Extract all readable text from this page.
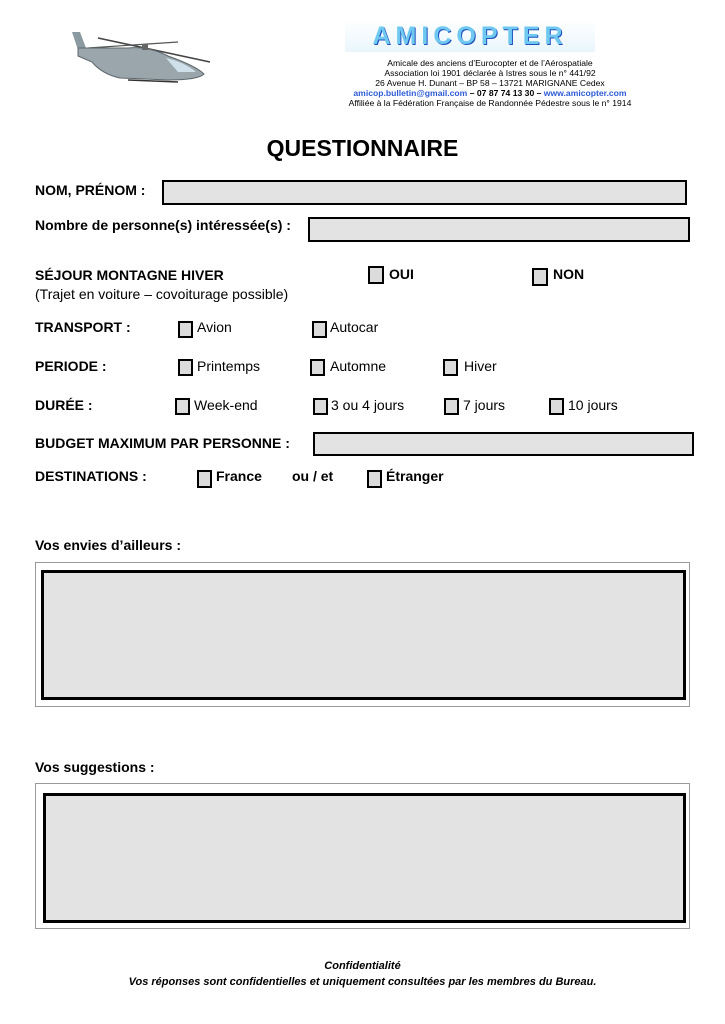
AMICOPTER
Amicale des anciens d’Eurocopter et de l’Aérospatiale
Association loi 1901 déclarée à Istres sous le n° 441/92
26 Avenue H. Dunant – BP 58 – 13721 MARIGNANE Cedex
amicop.bulletin@gmail.com – 07 87 74 13 30 – www.amicopter.com
Affiliée à la Fédération Française de Randonnée Pédestre sous le n° 1914
QUESTIONNAIRE
NOM, PRÉNOM :
Nombre de personne(s) intéressée(s) :
SÉJOUR MONTAGNE HIVER
(Trajet en voiture – covoiturage possible)
OUI	NON
TRANSPORT :	Avion	Autocar
PERIODE :	Printemps	Automne	Hiver
DURÉE :	Week-end	3 ou 4 jours	7 jours	10 jours
BUDGET MAXIMUM PAR PERSONNE :
DESTINATIONS :	France ou / et	Étranger
Vos envies d’ailleurs :
Vos suggestions :
Confidentialité
Vos réponses sont confidentielles et uniquement consultées par les membres du Bureau.
